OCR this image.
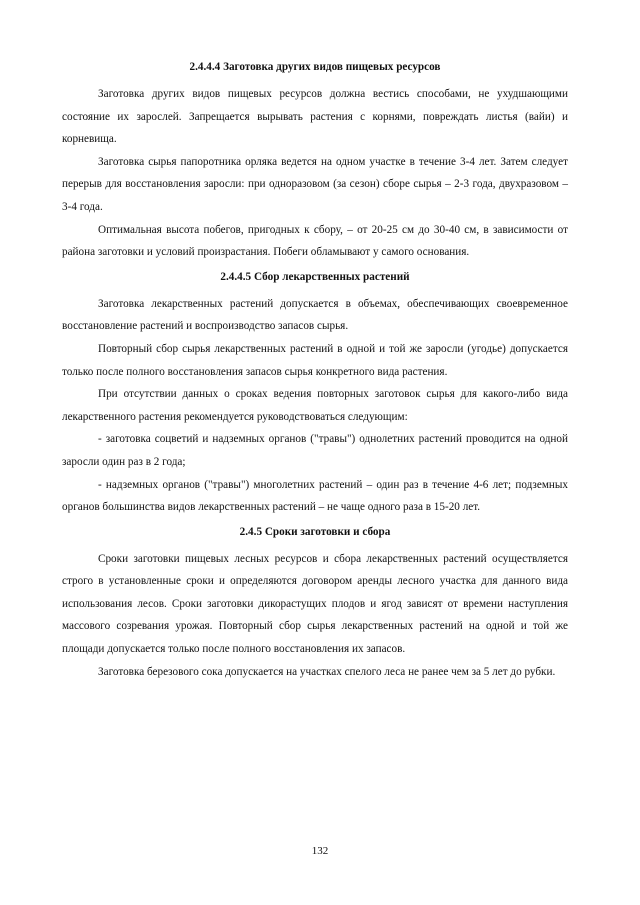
2.4.4.4 Заготовка других видов пищевых ресурсов

Заготовка других видов пищевых ресурсов должна вестись способами, не ухудшающими состояние их зарослей. Запрещается вырывать растения с корнями, повреждать листья (вайи) и корневища.

Заготовка сырья папоротника орляка ведется на одном участке в течение 3-4 лет. Затем следует перерыв для восстановления заросли: при одноразовом (за сезон) сборе сырья – 2-3 года, двухразовом – 3-4 года.

Оптимальная высота побегов, пригодных к сбору, – от 20-25 см до 30-40 см, в зависимости от района заготовки и условий произрастания. Побеги обламывают у самого основания.

2.4.4.5 Сбор лекарственных растений

Заготовка лекарственных растений допускается в объемах, обеспечивающих своевременное восстановление растений и воспроизводство запасов сырья.

Повторный сбор сырья лекарственных растений в одной и той же заросли (угодье) допускается только после полного восстановления запасов сырья конкретного вида растения.

При отсутствии данных о сроках ведения повторных заготовок сырья для какого-либо вида лекарственного растения рекомендуется руководствоваться следующим:

- заготовка соцветий и надземных органов ("травы") однолетних растений проводится на одной заросли один раз в 2 года;

- надземных органов ("травы") многолетних растений – один раз в течение 4-6 лет; подземных органов большинства видов лекарственных растений – не чаще одного раза в 15-20 лет.

2.4.5 Сроки заготовки и сбора

Сроки заготовки пищевых лесных ресурсов и сбора лекарственных растений осуществляется строго в установленные сроки и определяются договором аренды лесного участка для данного вида использования лесов. Сроки заготовки дикорастущих плодов и ягод зависят от времени наступления массового созревания урожая. Повторный сбор сырья лекарственных растений на одной и той же площади допускается только после полного восстановления их запасов.

Заготовка березового сока допускается на участках спелого леса не ранее чем за 5 лет до рубки.

132
